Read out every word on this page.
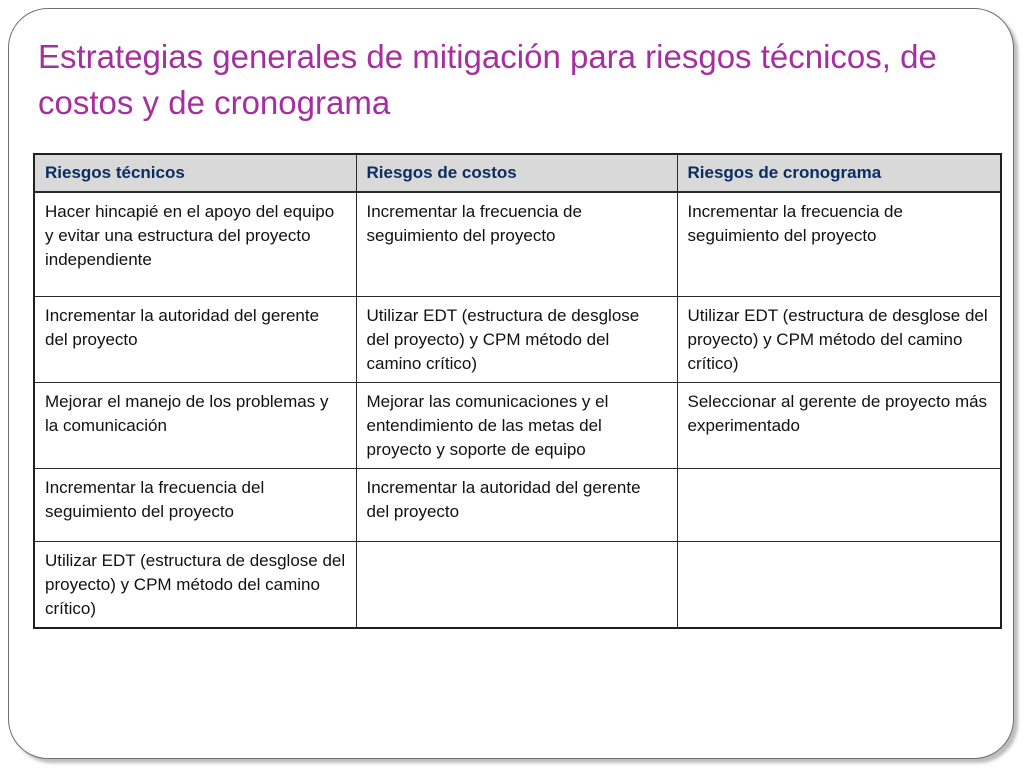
Estrategias generales de mitigación para riesgos técnicos, de costos y de cronograma
Riesgos técnicos	Riesgos de costos	Riesgos de cronograma
Hacer hincapié en el apoyo del equipo y evitar una estructura del proyecto independiente	Incrementar la frecuencia de seguimiento del proyecto	Incrementar la frecuencia de seguimiento del proyecto
Incrementar la autoridad del gerente del proyecto	Utilizar EDT (estructura de desglose del proyecto) y CPM método del camino crítico)	Utilizar EDT (estructura de desglose del proyecto) y CPM método del camino crítico)
Mejorar el manejo de los problemas y la comunicación	Mejorar las comunicaciones y el entendimiento de las metas del proyecto y soporte de equipo	Seleccionar al gerente de proyecto más experimentado
Incrementar la frecuencia del seguimiento del proyecto	Incrementar la autoridad del gerente del proyecto	
Utilizar EDT (estructura de desglose del proyecto) y CPM método del camino crítico)		
